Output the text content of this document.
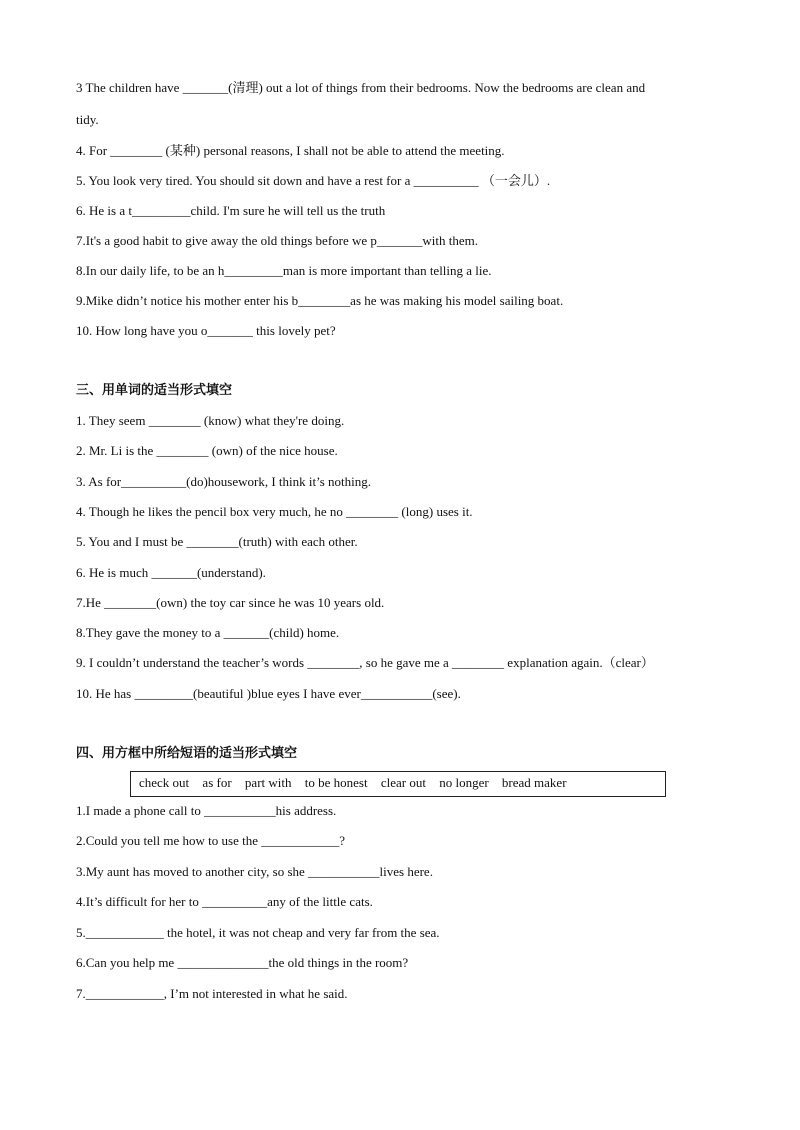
3 The children have _______(清理) out a lot of things from their bedrooms. Now the bedrooms are clean and
tidy.
4. For ________ (某种) personal reasons, I shall not be able to attend the meeting.
5. You look very tired. You should sit down and have a rest for a __________ （一会儿）.
6. He is a t_________child. I'm sure he will tell us the truth
7.It's a good habit to give away the old things before we p_______with them.
8.In our daily life, to be an h_________man is more important than telling a lie.
9.Mike didn’t notice his mother enter his b________as he was making his model sailing boat.
10. How long have you o_______ this lovely pet?
三、用单词的适当形式填空
1. They seem ________ (know) what they're doing.
2. Mr. Li is the ________ (own) of the nice house.
3. As for__________(do)housework, I think it’s nothing.
4. Though he likes the pencil box very much, he no ________ (long) uses it.
5. You and I must be ________(truth) with each other.
6. He is much _______(understand).
7.He ________(own) the toy car since he was 10 years old.
8.They gave the money to a _______(child) home.
9. I couldn’t understand the teacher’s words ________, so he gave me a ________ explanation again.（clear）
10. He has _________(beautiful )blue eyes I have ever___________(see).
四、用方框中所给短语的适当形式填空
check out as for part with to be honest clear out no longer bread maker
1.I made a phone call to ___________his address.
2.Could you tell me how to use the ____________?
3.My aunt has moved to another city, so she ___________lives here.
4.It’s difficult for her to __________any of the little cats.
5.____________ the hotel, it was not cheap and very far from the sea.
6.Can you help me ______________the old things in the room?
7.____________, I’m not interested in what he said.
